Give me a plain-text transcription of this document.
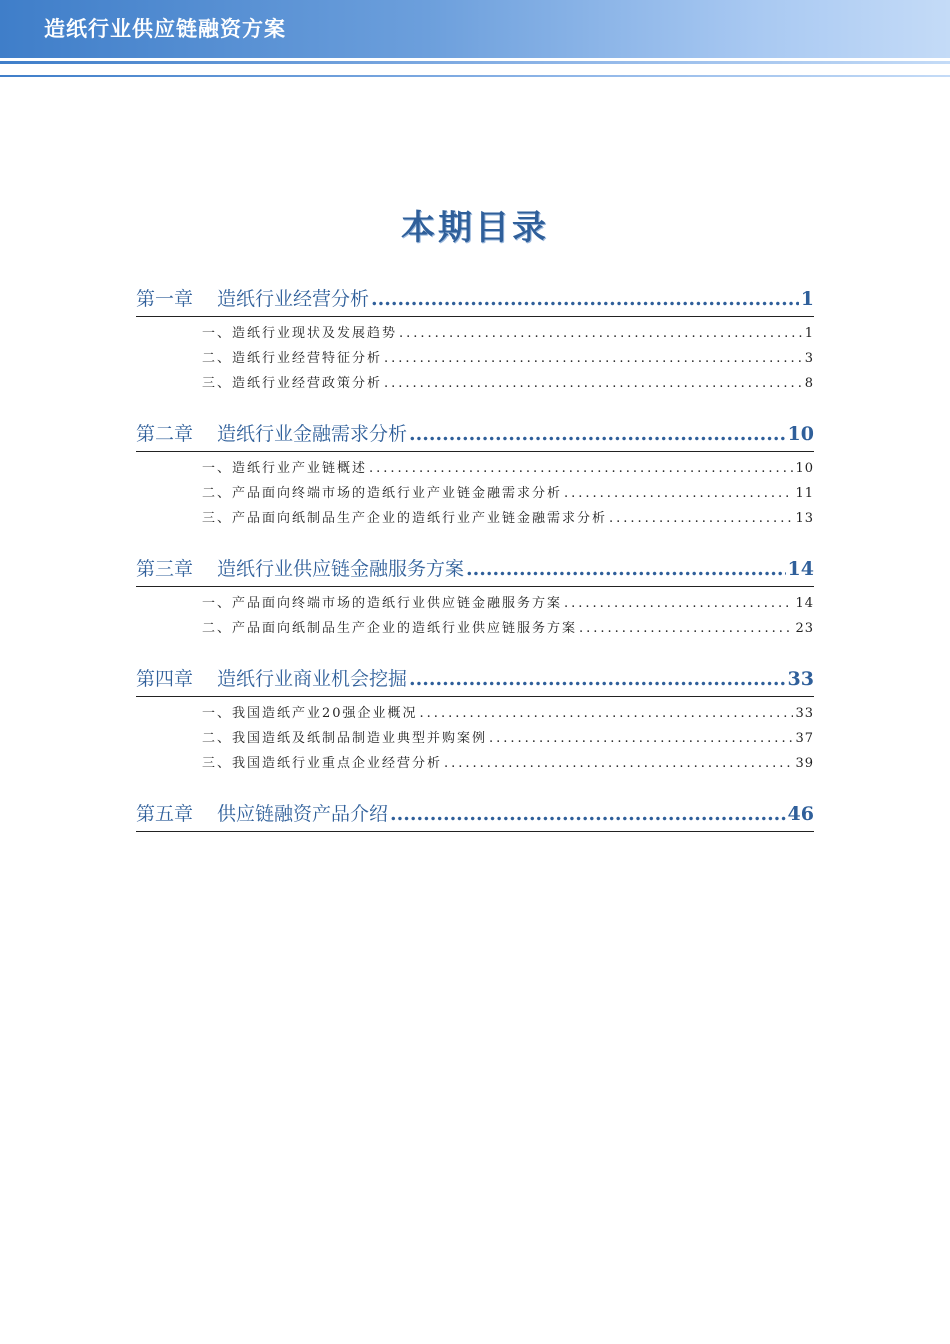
造纸行业供应链融资方案
本期目录
第一章 造纸行业经营分析 .....	1
一、造纸行业现状及发展趋势 .....	1
二、造纸行业经营特征分析 .....	3
三、造纸行业经营政策分析 .....	8
第二章 造纸行业金融需求分析 .....	10
一、造纸行业产业链概述 .....	10
二、产品面向终端市场的造纸行业产业链金融需求分析 .....	11
三、产品面向纸制品生产企业的造纸行业产业链金融需求分析 .....	13
第三章 造纸行业供应链金融服务方案 .....	14
一、产品面向终端市场的造纸行业供应链金融服务方案 .....	14
二、产品面向纸制品生产企业的造纸行业供应链服务方案 .....	23
第四章 造纸行业商业机会挖掘 .....	33
一、我国造纸产业20强企业概况 .....	33
二、我国造纸及纸制品制造业典型并购案例 .....	37
三、我国造纸行业重点企业经营分析 .....	39
第五章 供应链融资产品介绍 .....	46
